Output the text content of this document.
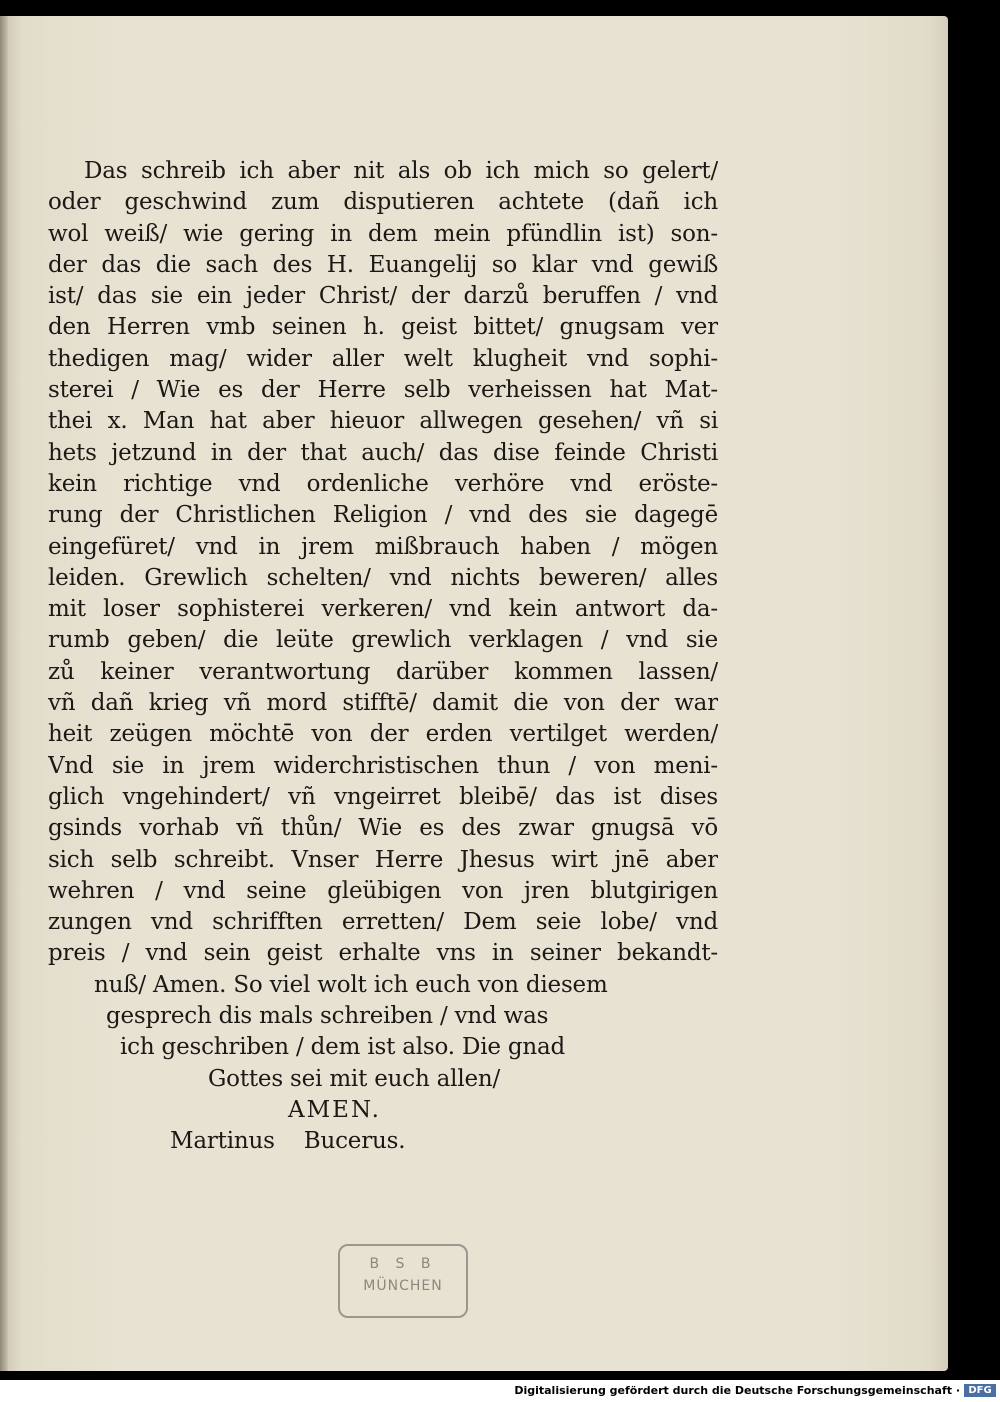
Das schreib ich aber nit als ob ich mich so gelert/
oder geschwind zum disputieren achtete (dañ ich
wol weiß/ wie gering in dem mein pfündlin ist) son-
der das die sach des H. Euangelij so klar vnd gewiß
ist/ das sie ein jeder Christ/ der darzů beruffen / vnd
den Herren vmb seinen h. geist bittet/ gnugsam ver
thedigen mag/ wider aller welt klugheit vnd sophi-
sterei / Wie es der Herre selb verheissen hat Mat-
thei x. Man hat aber hieuor allwegen gesehen/ vñ si
hets jetzund in der that auch/ das dise feinde Christi
kein richtige vnd ordenliche verhöre vnd eröste-
rung der Christlichen Religion / vnd des sie dagegē
eingefüret/ vnd in jrem mißbrauch haben / mögen
leiden. Grewlich schelten/ vnd nichts beweren/ alles
mit loser sophisterei verkeren/ vnd kein antwort da-
rumb geben/ die leüte grewlich verklagen / vnd sie
zů keiner verantwortung darüber kommen lassen/
vñ dañ krieg vñ mord stifftē/ damit die von der war
heit zeügen möchtē von der erden vertilget werden/
Vnd sie in jrem widerchristischen thun / von meni-
glich vngehindert/ vñ vngeirret bleibē/ das ist dises
gsinds vorhab vñ thůn/ Wie es des zwar gnugsā vō
sich selb schreibt. Vnser Herre Jhesus wirt jnē aber
wehren / vnd seine gleübigen von jren blutgirigen
zungen vnd schrifften erretten/ Dem seie lobe/ vnd
preis / vnd sein geist erhalte vns in seiner bekandt-
nuß/ Amen. So viel wolt ich euch von diesem
gesprech dis mals schreiben / vnd was
ich geschriben / dem ist also. Die gnad
Gottes sei mit euch allen/
AMEN.
Martinus Bucerus.
B S B
MÜNCHEN
Digitalisierung gefördert durch die Deutsche Forschungsgemeinschaft · DFG
